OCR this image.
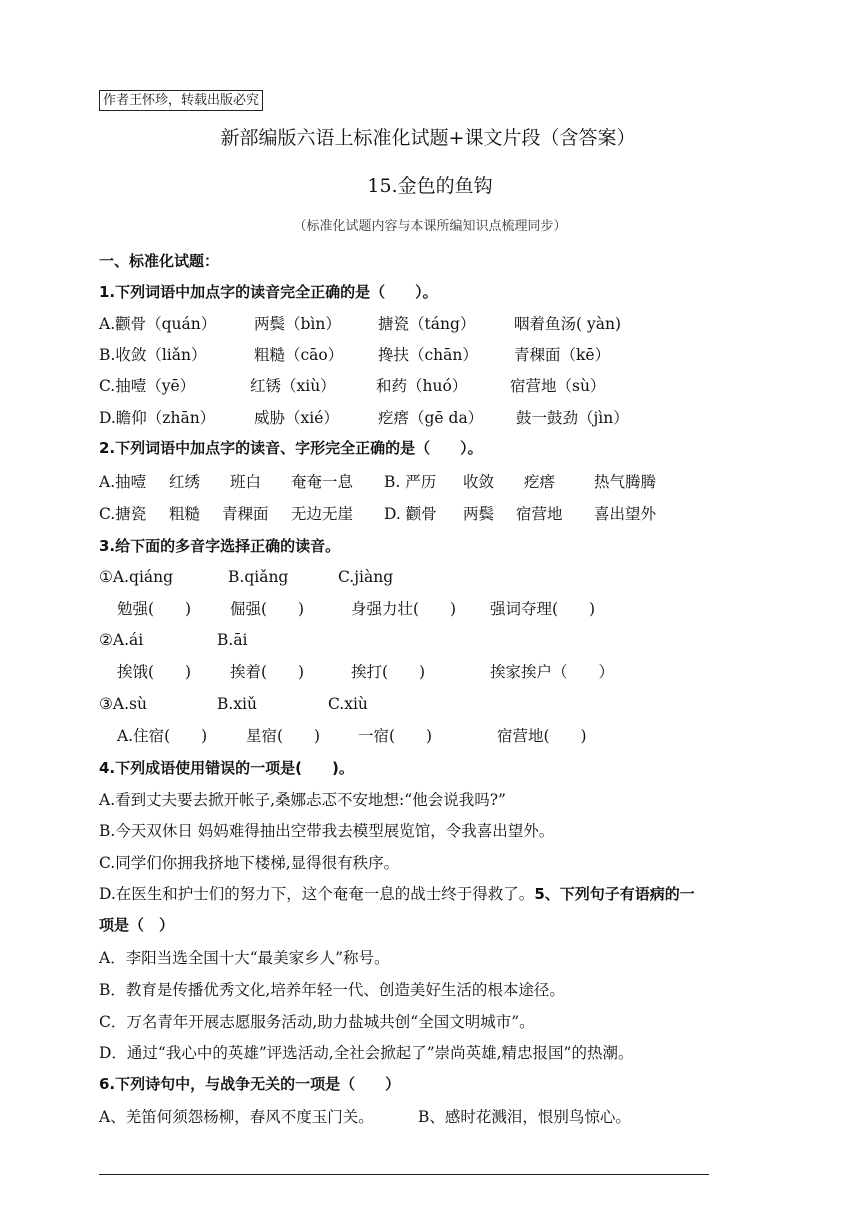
作者王怀珍，转载出版必究
新部编版六语上标准化试题+课文片段（含答案）
15.金色的鱼钩
（标准化试题内容与本课所编知识点梳理同步）
一、标准化试题：
1.下列词语中加点字的读音完全正确的是（　　）。
A.颧骨（quán） 两鬓（bìn） 搪瓷（táng） 咽着鱼汤( yàn)
B.收敛（liǎn）	粗糙（cāo） 搀扶（chān） 青稞面（kē）
C.抽噎（yē）	红锈（xiù）	和药（huó）	宿营地（sù）
D.瞻仰（zhān）	威胁（xié）	疙瘩（gē da） 鼓一鼓劲（jìn）
2.下列词语中加点字的读音、字形完全正确的是（　　）。
A.抽噎 红绣 班白 奄奄一息 B. 严历 收敛 疙瘩	热气腾腾
C.搪瓷 粗糙 青稞面 无边无崖 D. 颧骨 两鬓 宿营地 喜出望外
3.给下面的多音字选择正确的读音。
①A.qiáng	B.qiǎng	C.jiàng
勉强(　　)	倔强(　　)	身强力壮(　　) 强词夺理(　　)
②A.ái	B.āi
挨饿(　　)	挨着(　　)	挨打(　　)	挨家挨户（　　）
③A.sù	B.xiǔ	C.xiù
A.住宿(　　)	星宿(　　) 一宿(　　)	宿营地(　　)
4.下列成语使用错误的一项是(　　)。
A.看到丈夫要去掀开帐子,桑娜忐忑不安地想:“他会说我吗?”
B.今天双休日 妈妈难得抽出空带我去模型展览馆，令我喜出望外。
C.同学们你拥我挤地下楼梯,显得很有秩序。
D.在医生和护士们的努力下，这个奄奄一息的战士终于得救了。5、下列句子有语病的一
项是（　）
A．李阳当选全国十大“最美家乡人”称号。
B．教育是传播优秀文化,培养年轻一代、创造美好生活的根本途径。
C．万名青年开展志愿服务活动,助力盐城共创“全国文明城市”。
D．通过“我心中的英雄”评选活动,全社会掀起了”崇尚英雄,精忠报国”的热潮。
6.下列诗句中，与战争无关的一项是（　　）
A、羌笛何须怨杨柳，春风不度玉门关。	B、感时花溅泪，恨别鸟惊心。
